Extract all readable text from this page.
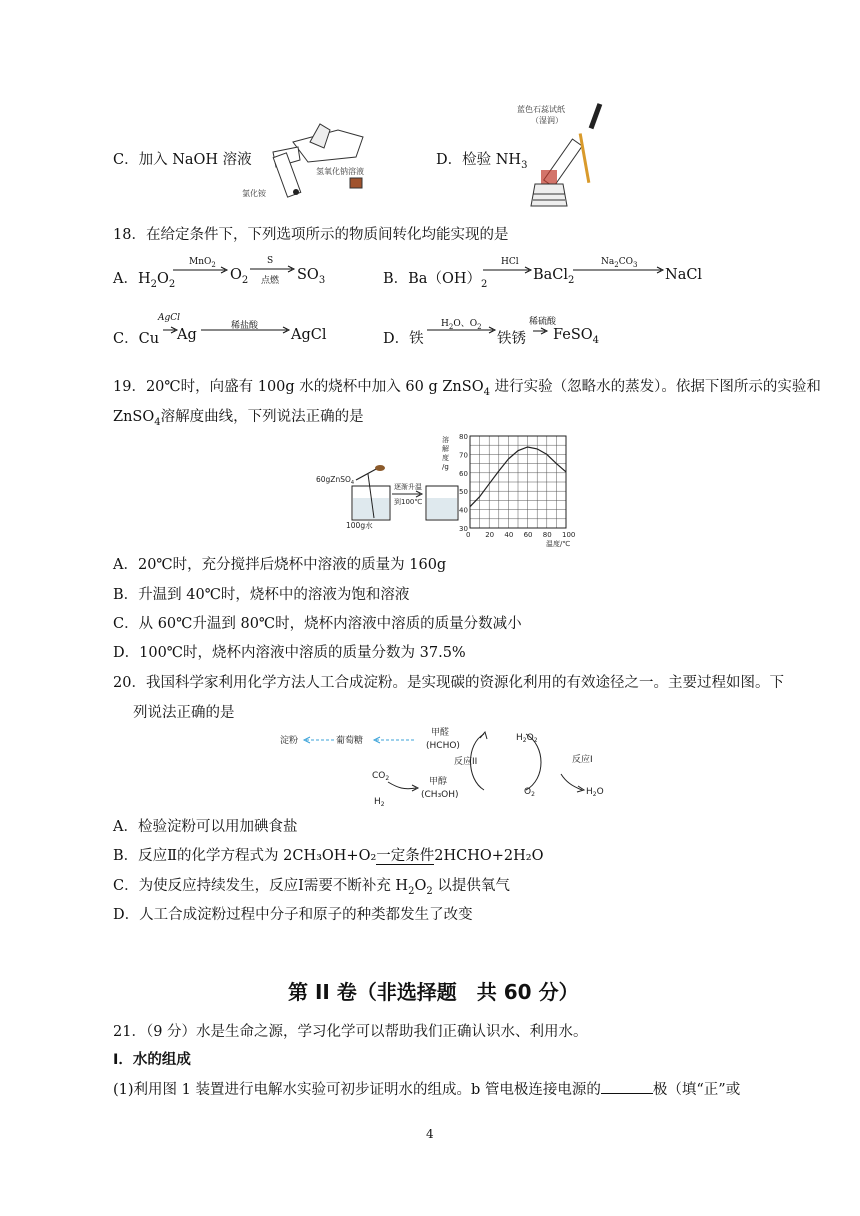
C．加入 NaOH 溶液
氯化铵
氢氧化钠溶液
D．检验 $NH_3$
蓝色石蕊试纸
（湿润）
18．在给定条件下，下列选项所示的物质间转化均能实现的是
A．$H_2O_2$
MnO$_2$
$O_2$
S
点燃 $SO_3$	B．$Ba(OH)_2$
HCl
BaCl$_2$
$Na_2CO_3$
NaCl
C．Cu
AgCl
Ag
稀盐酸
AgCl	D．铁
$H_2O$、$O_2$
铁锈
稀硫酸
FeSO$_4$
19．20℃时，向盛有 100g 水的烧杯中加入 60 g ZnSO$_4$ 进行实验（忽略水的蒸发）。依据下图所示的实验和
ZnSO$_4$溶解度曲线，下列说法正确的是
60gZnSO$_4$
100g水
逐渐升温
到100℃
溶
解
度
/g
0 20 40 60 80 100
30
40
50
60
70
80
温度/℃
A．20℃时，充分搅拌后烧杯中溶液的质量为 160g
B．升温到 40℃时，烧杯中的溶液为饱和溶液
C．从 60℃升温到 80℃时，烧杯内溶液中溶质的质量分数减小
D．100℃时，烧杯内溶液中溶质的质量分数为 37.5%
20．我国科学家利用化学方法人工合成淀粉。是实现碳的资源化利用的有效途径之一。主要过程如图。下
列说法正确的是
淀粉	葡萄糖
甲醛
(HCHO)
反应II
$H_2O_2$
反应I
$H_2O$
$O_2$
$CO_2$
$H_2$
甲醇
(CH₃OH)
A．检验淀粉可以用加碘食盐
B．反应Ⅱ的化学方程式为 2CH₃OH+O₂一定条件2HCHO+2H₂O
C．为使反应持续发生，反应Ⅰ需要不断补充 $H_2O_2$ 以提供氧气
D．人工合成淀粉过程中分子和原子的种类都发生了改变
第 II 卷（非选择题　共 60 分）
21．（9 分）水是生命之源，学习化学可以帮助我们正确认识水、利用水。
I．水的组成
(1)利用图 1 装置进行电解水实验可初步证明水的组成。b 管电极连接电源的	极（填“正”或
4
